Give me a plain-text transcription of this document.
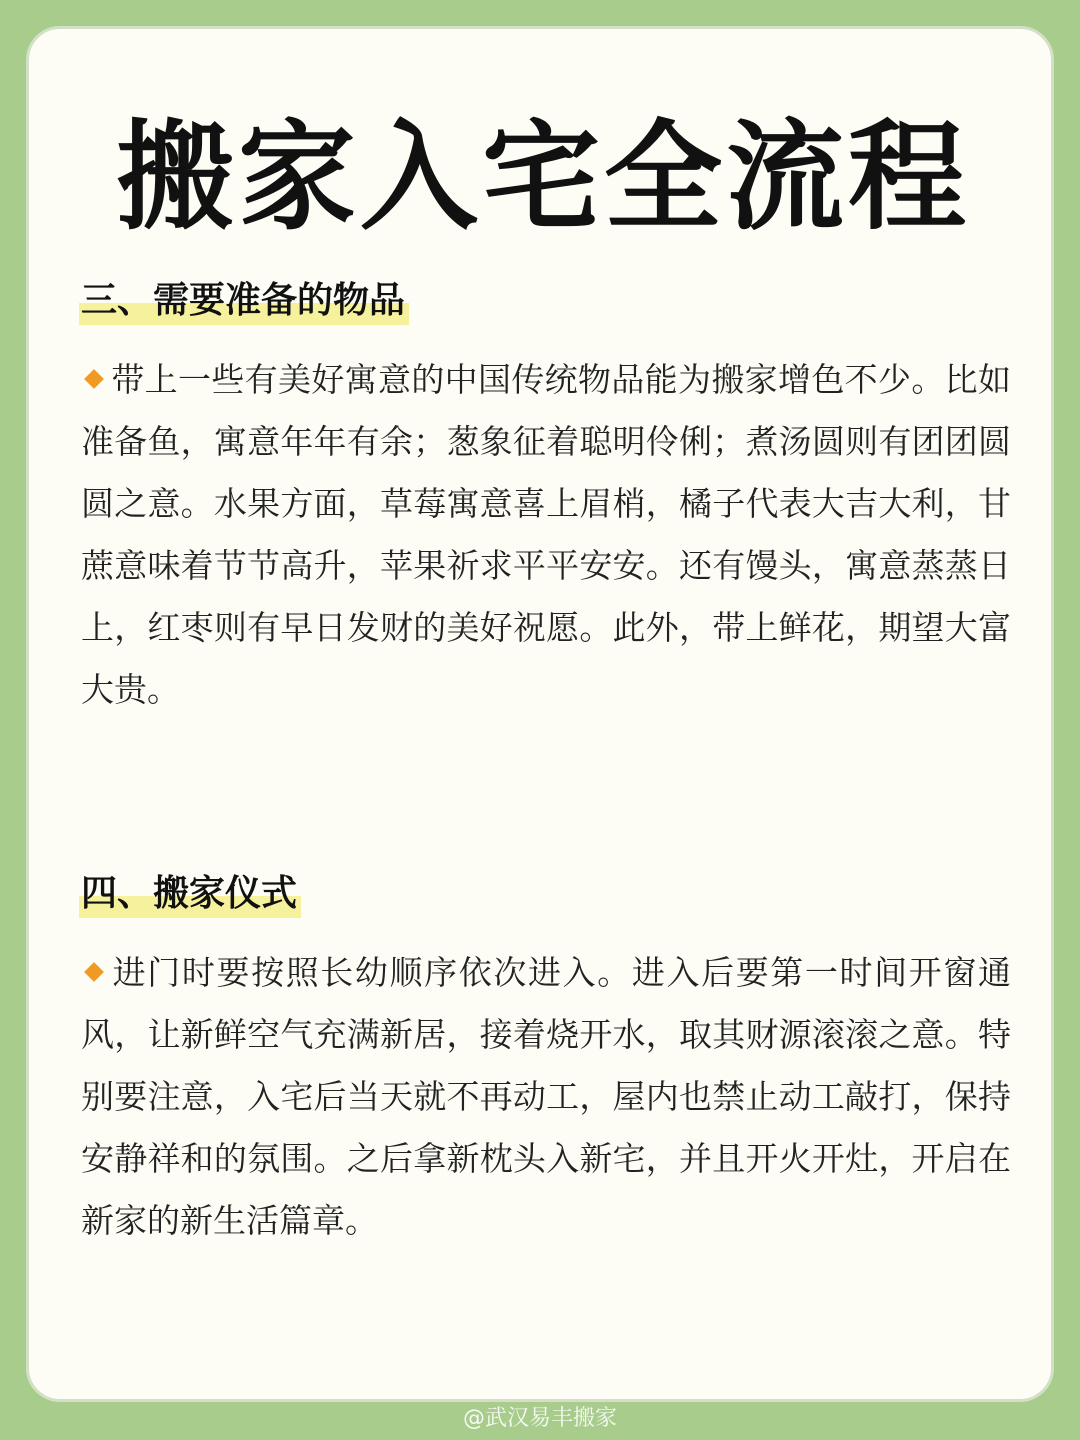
搬家入宅全流程
三、需要准备的物品

带上一些有美好寓意的中国传统物品能为搬家增色不少。比如准备鱼，寓意年年有余；葱象征着聪明伶俐；煮汤圆则有团团圆圆之意。水果方面，草莓寓意喜上眉梢，橘子代表大吉大利，甘蔗意味着节节高升，苹果祈求平平安安。还有馒头，寓意蒸蒸日上，红枣则有早日发财的美好祝愿。此外，带上鲜花，期望大富大贵。

四、搬家仪式

进门时要按照长幼顺序依次进入。进入后要第一时间开窗通风，让新鲜空气充满新居，接着烧开水，取其财源滚滚之意。特别要注意，入宅后当天就不再动工，屋内也禁止动工敲打，保持安静祥和的氛围。之后拿新枕头入新宅，并且开火开灶，开启在新家的新生活篇章。

@武汉易丰搬家
